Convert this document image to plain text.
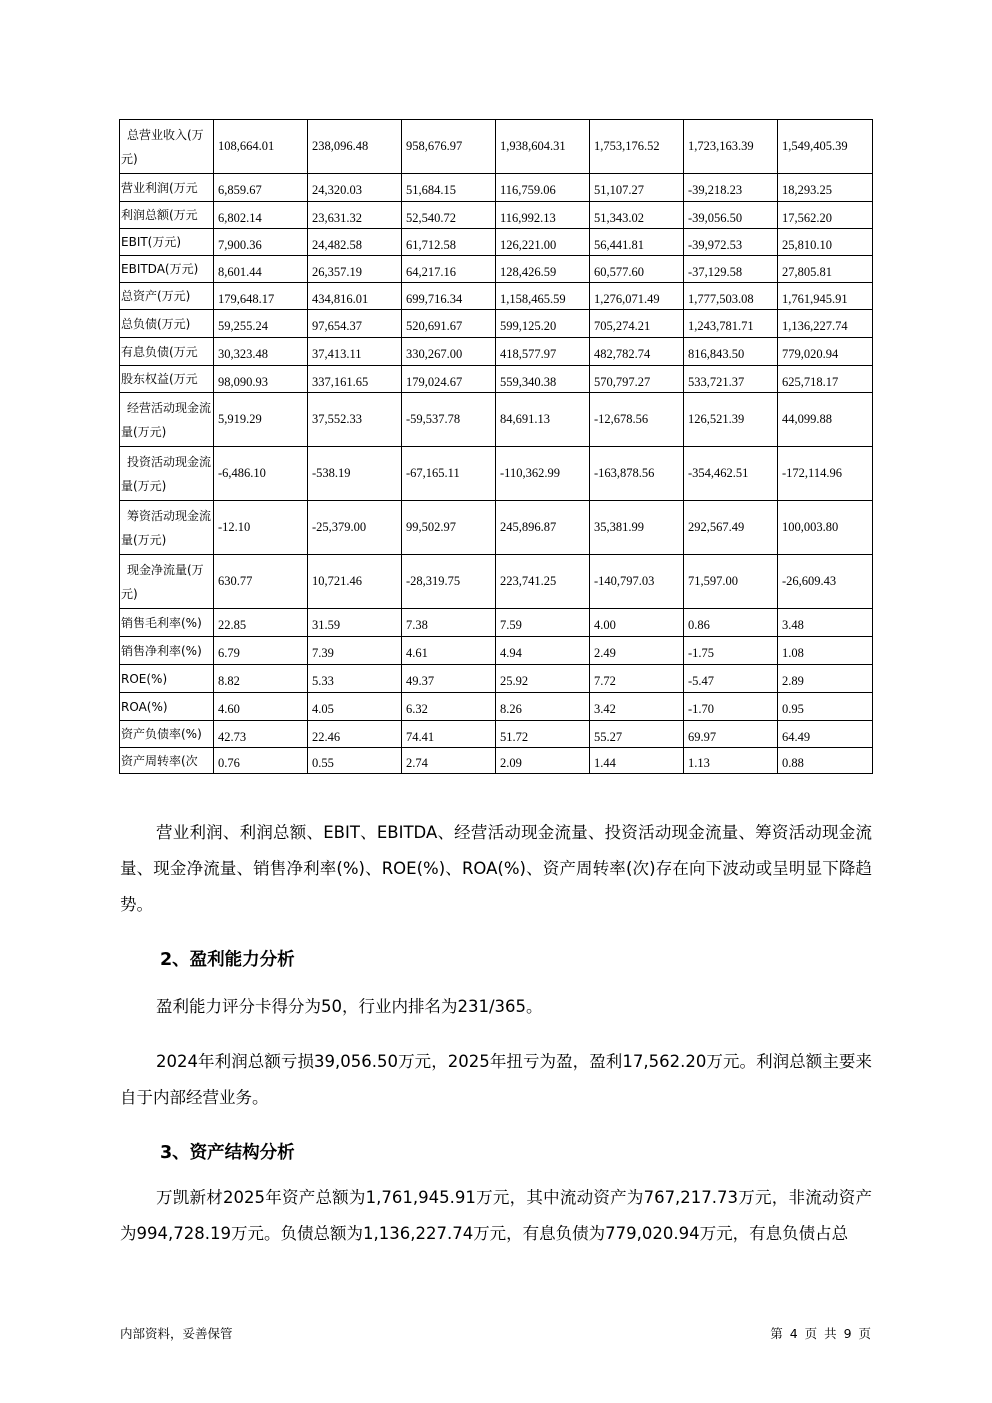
总营业收入(万元)	108,664.01	238,096.48	958,676.97	1,938,604.31	1,753,176.52	1,723,163.39	1,549,405.39

营业利润(万元	6,859.67	24,320.03	51,684.15	116,759.06	51,107.27	-39,218.23	18,293.25

利润总额(万元	6,802.14	23,631.32	52,540.72	116,992.13	51,343.02	-39,056.50	17,562.20

EBIT(万元)	7,900.36	24,482.58	61,712.58	126,221.00	56,441.81	-39,972.53	25,810.10

EBITDA(万元)	8,601.44	26,357.19	64,217.16	128,426.59	60,577.60	-37,129.58	27,805.81

总资产(万元)	179,648.17	434,816.01	699,716.34	1,158,465.59	1,276,071.49	1,777,503.08	1,761,945.91

总负债(万元)	59,255.24	97,654.37	520,691.67	599,125.20	705,274.21	1,243,781.71	1,136,227.74

有息负债(万元	30,323.48	37,413.11	330,267.00	418,577.97	482,782.74	816,843.50	779,020.94

股东权益(万元	98,090.93	337,161.65	179,024.67	559,340.38	570,797.27	533,721.37	625,718.17

经营活动现金流量(万元)	5,919.29	37,552.33	-59,537.78	84,691.13	-12,678.56	126,521.39	44,099.88

投资活动现金流量(万元)	-6,486.10	-538.19	-67,165.11	-110,362.99	-163,878.56	-354,462.51	-172,114.96

筹资活动现金流量(万元)	-12.10	-25,379.00	99,502.97	245,896.87	35,381.99	292,567.49	100,003.80

现金净流量(万元)	630.77	10,721.46	-28,319.75	223,741.25	-140,797.03	71,597.00	-26,609.43

销售毛利率(%)	22.85	31.59	7.38	7.59	4.00	0.86	3.48

销售净利率(%)	6.79	7.39	4.61	4.94	2.49	-1.75	1.08

ROE(%)	8.82	5.33	49.37	25.92	7.72	-5.47	2.89

ROA(%)	4.60	4.05	6.32	8.26	3.42	-1.70	0.95

资产负债率(%)	42.73	22.46	74.41	51.72	55.27	69.97	64.49

资产周转率(次	0.76	0.55	2.74	2.09	1.44	1.13	0.88
营业利润、利润总额、EBIT、EBITDA、经营活动现金流量、投资活动现金流量、筹资活动现金流量、现金净流量、销售净利率(%)、ROE(%)、ROA(%)、资产周转率(次)存在向下波动或呈明显下降趋势。
2、盈利能力分析
盈利能力评分卡得分为50，行业内排名为231/365。
2024年利润总额亏损39,056.50万元，2025年扭亏为盈，盈利17,562.20万元。利润总额主要来自于内部经营业务。
3、资产结构分析
万凯新材2025年资产总额为1,761,945.91万元，其中流动资产为767,217.73万元，非流动资产为994,728.19万元。负债总额为1,136,227.74万元，有息负债为779,020.94万元，有息负债占总
内部资料，妥善保管	第 4 页 共 9 页
